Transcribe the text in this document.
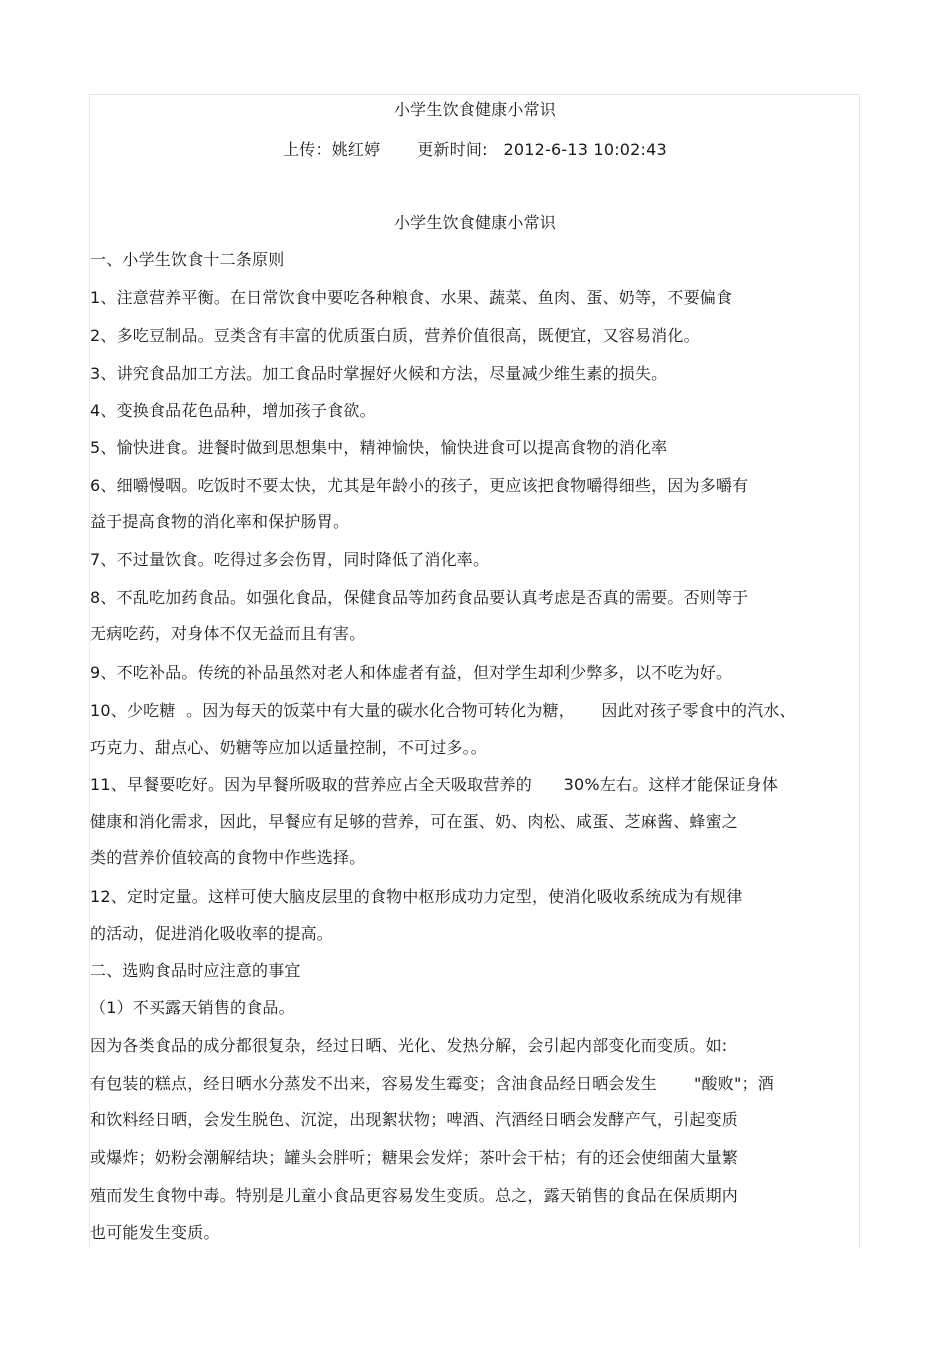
小学生饮食健康小常识
上传：姚红婷       更新时间:   2012-6-13 10:02:43
小学生饮食健康小常识
一、小学生饮食十二条原则
1、注意营养平衡。在日常饮食中要吃各种粮食、水果、蔬菜、鱼肉、蛋、奶等，不要偏食
2、多吃豆制品。豆类含有丰富的优质蛋白质，营养价值很高，既便宜，又容易消化。
3、讲究食品加工方法。加工食品时掌握好火候和方法，尽量减少维生素的损失。
4、变换食品花色品种，增加孩子食欲。
5、愉快进食。进餐时做到思想集中，精神愉快，愉快进食可以提高食物的消化率
6、细嚼慢咽。吃饭时不要太快，尤其是年龄小的孩子，更应该把食物嚼得细些，因为多嚼有
益于提高食物的消化率和保护肠胃。
7、不过量饮食。吃得过多会伤胃，同时降低了消化率。
8、不乱吃加药食品。如强化食品，保健食品等加药食品要认真考虑是否真的需要。否则等于
无病吃药，对身体不仅无益而且有害。
9、不吃补品。传统的补品虽然对老人和体虚者有益，但对学生却利少弊多，以不吃为好。
10、少吃糖  。因为每天的饭菜中有大量的碳水化合物可转化为糖，     因此对孩子零食中的汽水、
巧克力、甜点心、奶糖等应加以适量控制，不可过多。。
11、早餐要吃好。因为早餐所吸取的营养应占全天吸取营养的      30%左右。这样才能保证身体
健康和消化需求，因此，早餐应有足够的营养，可在蛋、奶、肉松、咸蛋、芝麻酱、蜂蜜之
类的营养价值较高的食物中作些选择。
12、定时定量。这样可使大脑皮层里的食物中枢形成功力定型，使消化吸收系统成为有规律
的活动，促进消化吸收率的提高。
二、选购食品时应注意的事宜
（1）不买露天销售的食品。
因为各类食品的成分都很复杂，经过日晒、光化、发热分解，会引起内部变化而变质。如:
有包装的糕点，经日晒水分蒸发不出来，容易发生霉变；含油食品经日晒会发生       "酸败"；酒
和饮料经日晒，会发生脱色、沉淀，出现絮状物；啤酒、汽酒经日晒会发酵产气，引起变质
或爆炸；奶粉会潮解结块；罐头会胖听；糖果会发烊；茶叶会干枯；有的还会使细菌大量繁
殖而发生食物中毒。特别是儿童小食品更容易发生变质。总之，露天销售的食品在保质期内
也可能发生变质。
